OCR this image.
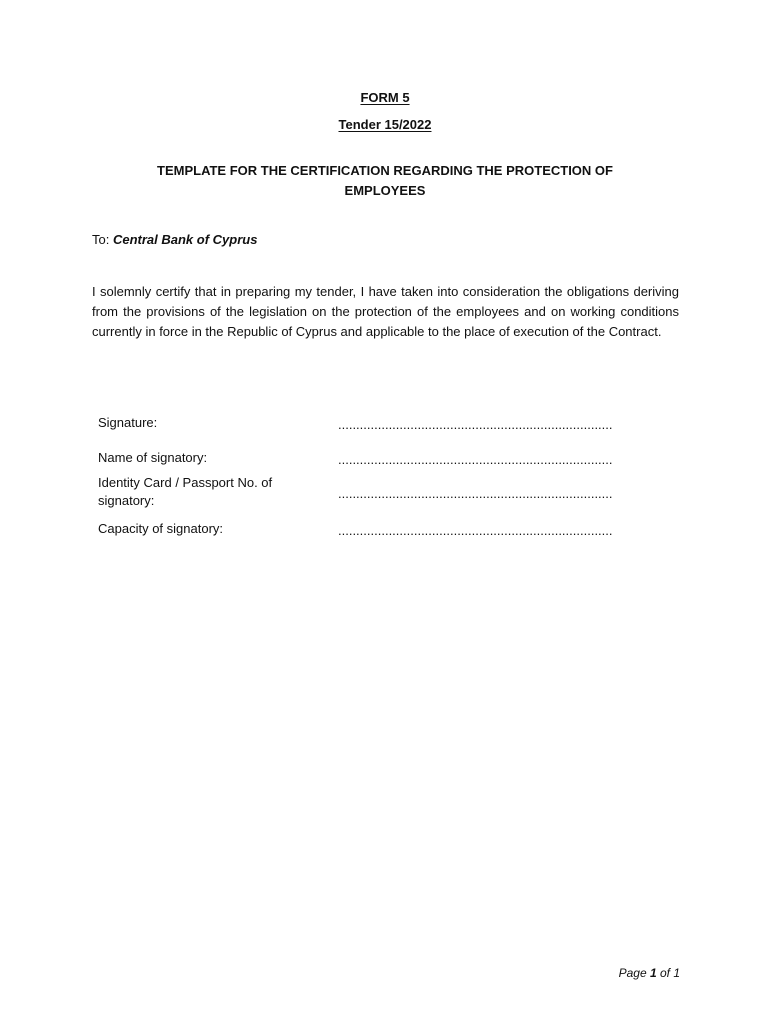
FORM 5
Tender 15/2022
TEMPLATE FOR THE CERTIFICATION REGARDING THE PROTECTION OF EMPLOYEES
To: Central Bank of Cyprus
I solemnly certify that in preparing my tender, I have taken into consideration the obligations deriving from the provisions of the legislation on the protection of the employees and on working conditions currently in force in the Republic of Cyprus and applicable to the place of execution of the Contract.
Signature:	............................................................................
Name of signatory:	............................................................................
Identity Card / Passport No. of signatory:	............................................................................
Capacity of signatory:	............................................................................
Page 1 of 1
